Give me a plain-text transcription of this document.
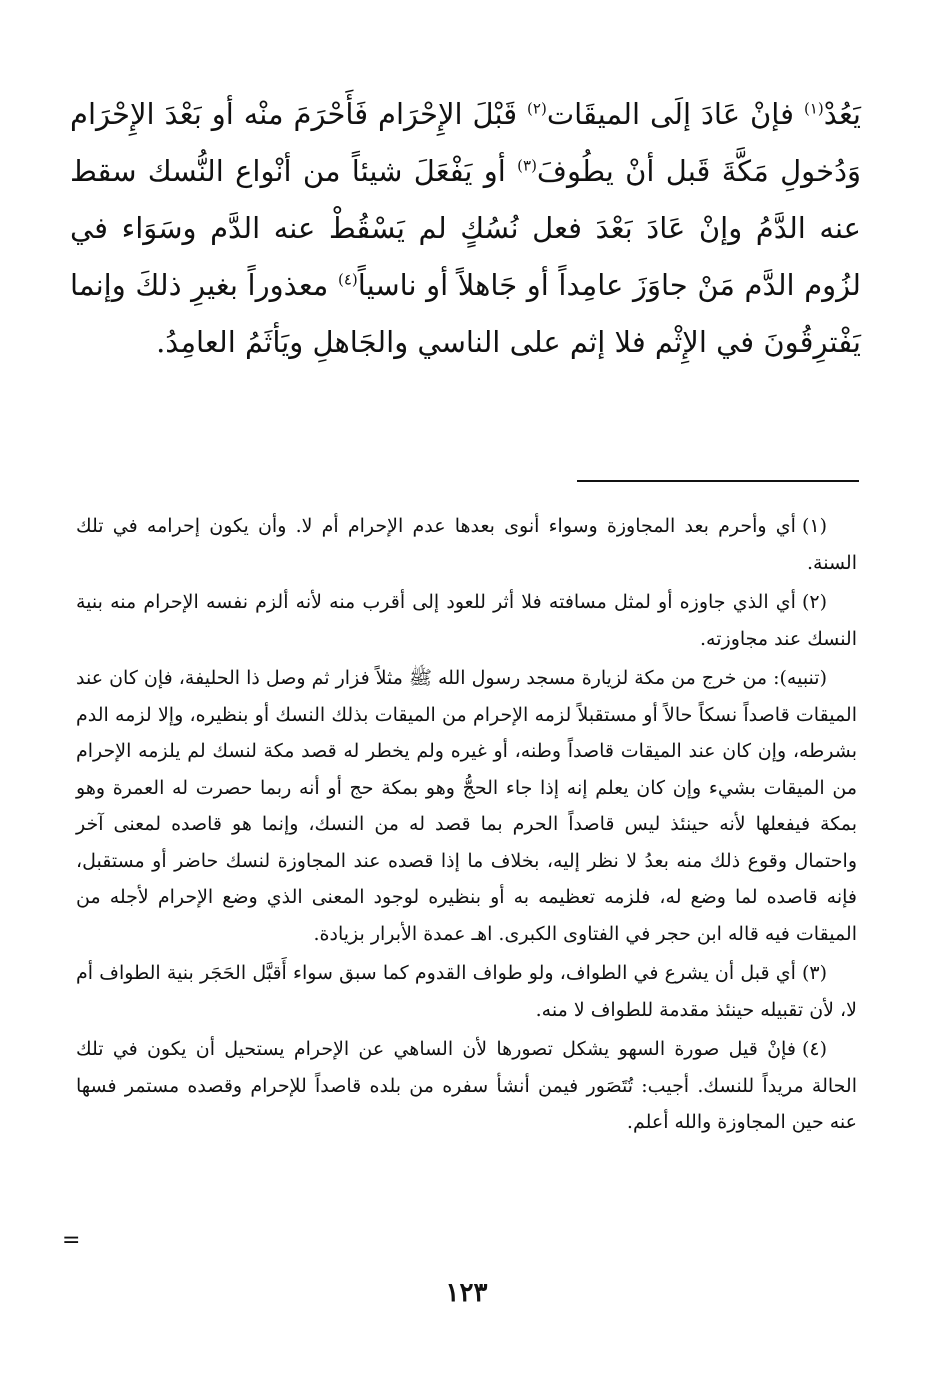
يَعُدْ$^{(١)}$ فإنْ عَادَ إلَى الميقَات$^{(٢)}$ قَبْلَ الإِحْرَام فَأَحْرَمَ منْه أو بَعْدَ الإِحْرَام وَدُخولِ مَكَّةَ قَبل أنْ يطُوفَ$^{(٣)}$ أو يَفْعَلَ شيئاً من أنْواع النُّسك سقط عنه الدَّمُ وإنْ عَادَ بَعْدَ فعل نُسُكٍ لم يَسْقُطْ عنه الدَّم وسَوَاء في لزُوم الدَّم مَنْ جاوَزَ عامِداً أو جَاهلاً أو ناسياً$^{(٤)}$ معذوراً بغيرِ ذلكَ وإنما يَفْترِقُونَ في الإِثْم فلا إثم على الناسي والجَاهلِ ويَأثَمُ العامِدُ.

(١)أي وأحرم بعد المجاوزة وسواء أنوى بعدها عدم الإحرام أم لا. وأن يكون إحرامه في تلك السنة.

(٢)أي الذي جاوزه أو لمثل مسافته فلا أثر للعود إلى أقرب منه لأنه ألزم نفسه الإحرام منه بنية النسك عند مجاوزته.

(تنبيه): من خرج من مكة لزيارة مسجد رسول الله ﷺ مثلاً فزار ثم وصل ذا الحليفة، فإن كان عند الميقات قاصداً نسكاً حالاً أو مستقبلاً لزمه الإحرام من الميقات بذلك النسك أو بنظيره، وإلا لزمه الدم بشرطه، وإن كان عند الميقات قاصداً وطنه، أو غيره ولم يخطر له قصد مكة لنسك لم يلزمه الإحرام من الميقات بشيء وإن كان يعلم إنه إذا جاء الحجُّ وهو بمكة حج أو أنه ربما حصرت له العمرة وهو بمكة فيفعلها لأنه حينئذ ليس قاصداً الحرم بما قصد له من النسك، وإنما هو قاصده لمعنى آخر واحتمال وقوع ذلك منه بعدُ لا نظر إليه، بخلاف ما إذا قصده عند المجاوزة لنسك حاضر أو مستقبل، فإنه قاصده لما وضع له، فلزمه تعظيمه به أو بنظيره لوجود المعنى الذي وضع الإحرام لأجله من الميقات فيه قاله ابن حجر في الفتاوى الكبرى. اهـ عمدة الأبرار بزيادة.

(٣)أي قبل أن يشرع في الطواف، ولو طواف القدوم كما سبق سواء أَقبَّل الحَجَر بنية الطواف أم لا، لأن تقبيله حينئذ مقدمة للطواف لا منه.

(٤)فإنْ قيل صورة السهو يشكل تصورها لأن الساهي عن الإحرام يستحيل أن يكون في تلك الحالة مريداً للنسك. أجيب: تُتَصَور فيمن أنشأ سفره من بلده قاصداً للإحرام وقصده مستمر فسها عنه حين المجاوزة والله أعلم.

=
١٢٣
